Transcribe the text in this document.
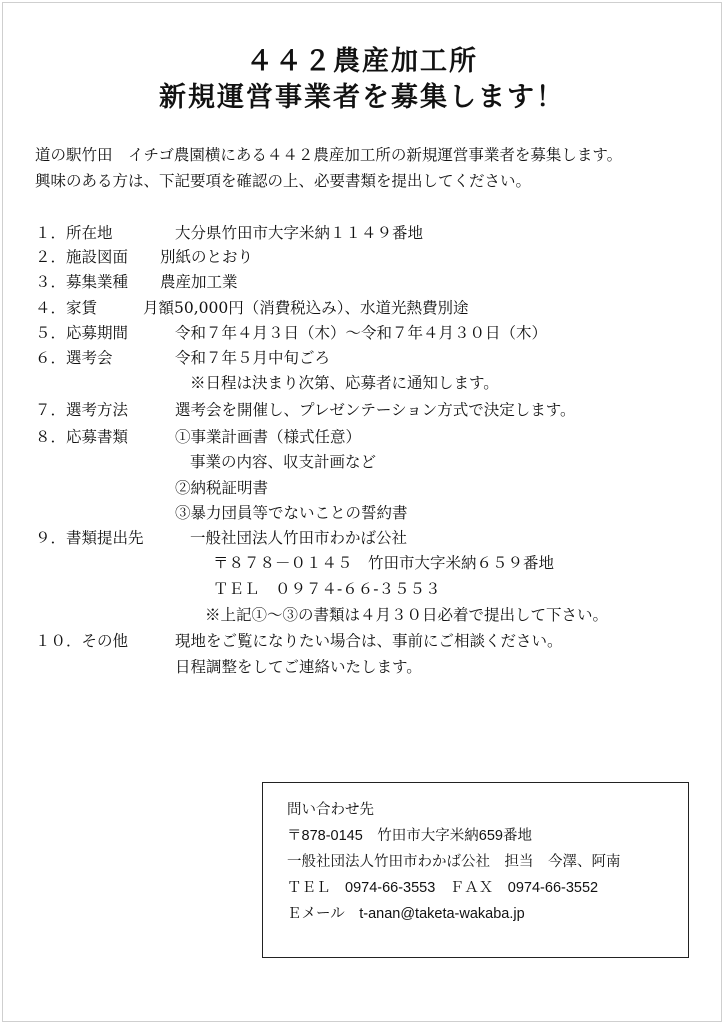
４４２農産加工所
新規運営事業者を募集します！
道の駅竹田　イチゴ農園横にある４４２農産加工所の新規運営事業者を募集します。
興味のある方は、下記要項を確認の上、必要書類を提出してください。
１．所在地	大分県竹田市大字米納１１４９番地
２．施設図面 別紙のとおり
３．募集業種 農産加工業
４．家賃	月額50,000円（消費税込み）、水道光熱費別途
５．応募期間	令和７年４月３日（木）～令和７年４月３０日（木）
６．選考会	令和７年５月中旬ごろ
※日程は決まり次第、応募者に通知します。
７．選考方法	選考会を開催し、プレゼンテーション方式で決定します。
８．応募書類	①事業計画書（様式任意）
事業の内容、収支計画など
②納税証明書
③暴力団員等でないことの誓約書
９．書類提出先	一般社団法人竹田市わかば公社
〒８７８－０１４５　竹田市大字米納６５９番地
ＴＥＬ　０９７４-６６-３５５３
※上記①～③の書類は４月３０日必着で提出して下さい。
１０．その他	現地をご覧になりたい場合は、事前にご相談ください。
日程調整をしてご連絡いたします。
問い合わせ先
〒878-0145　竹田市大字米納659番地
一般社団法人竹田市わかば公社　担当　今澤、阿南
ＴＥＬ　0974-66-3553　ＦＡＸ　0974-66-3552
Ｅメール　t-anan@taketa-wakaba.jp
